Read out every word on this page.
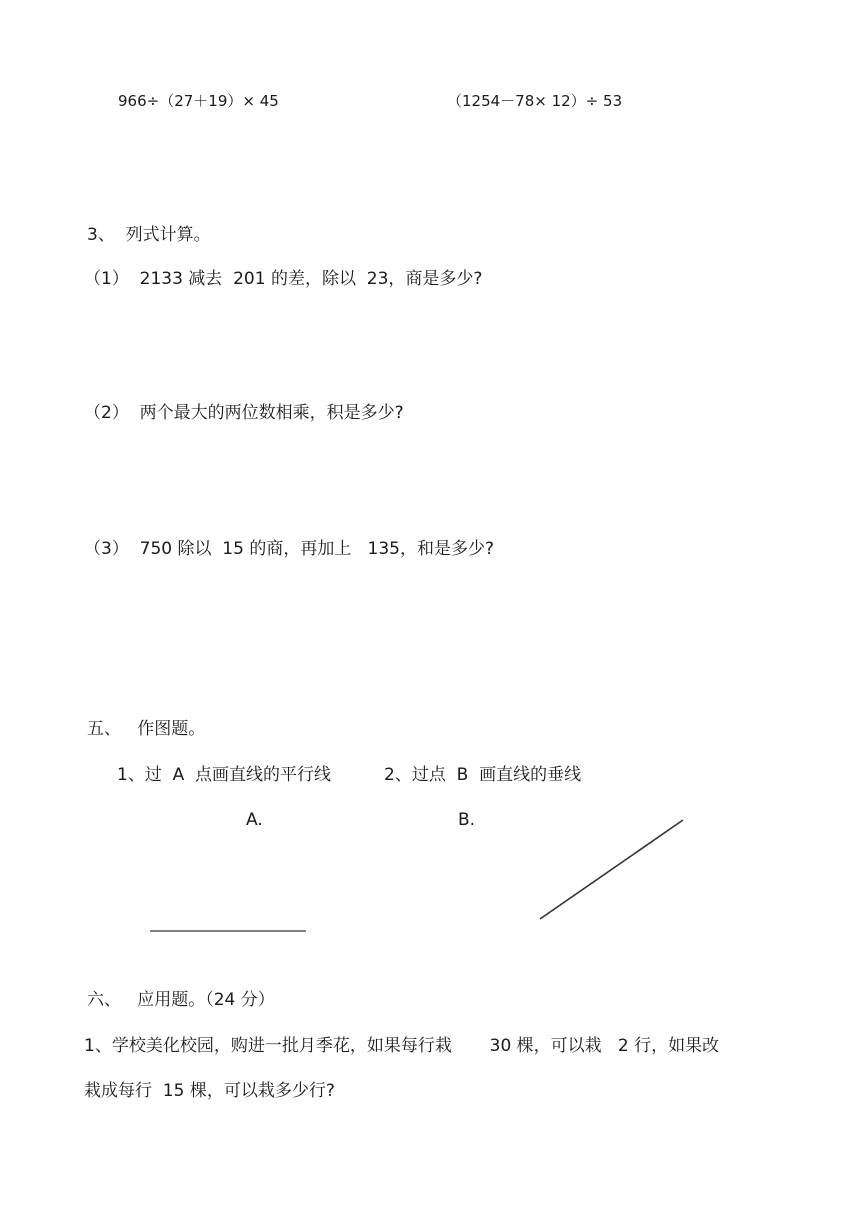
966÷（27＋19）× 45	（1254－78× 12）÷ 53
3、  列式计算。
（1）  2133 减去  201 的差，除以  23，商是多少?
（2）  两个最大的两位数相乘，积是多少?
（3）  750 除以  15 的商，再加上   135，和是多少?
五、   作图题。
1、过  A  点画直线的平行线	2、过点  B  画直线的垂线
A.	B.
六、   应用题。（24 分）
1、学校美化校园，购进一批月季花，如果每行栽       30 棵，可以栽   2 行，如果改
栽成每行  15 棵，可以栽多少行?
